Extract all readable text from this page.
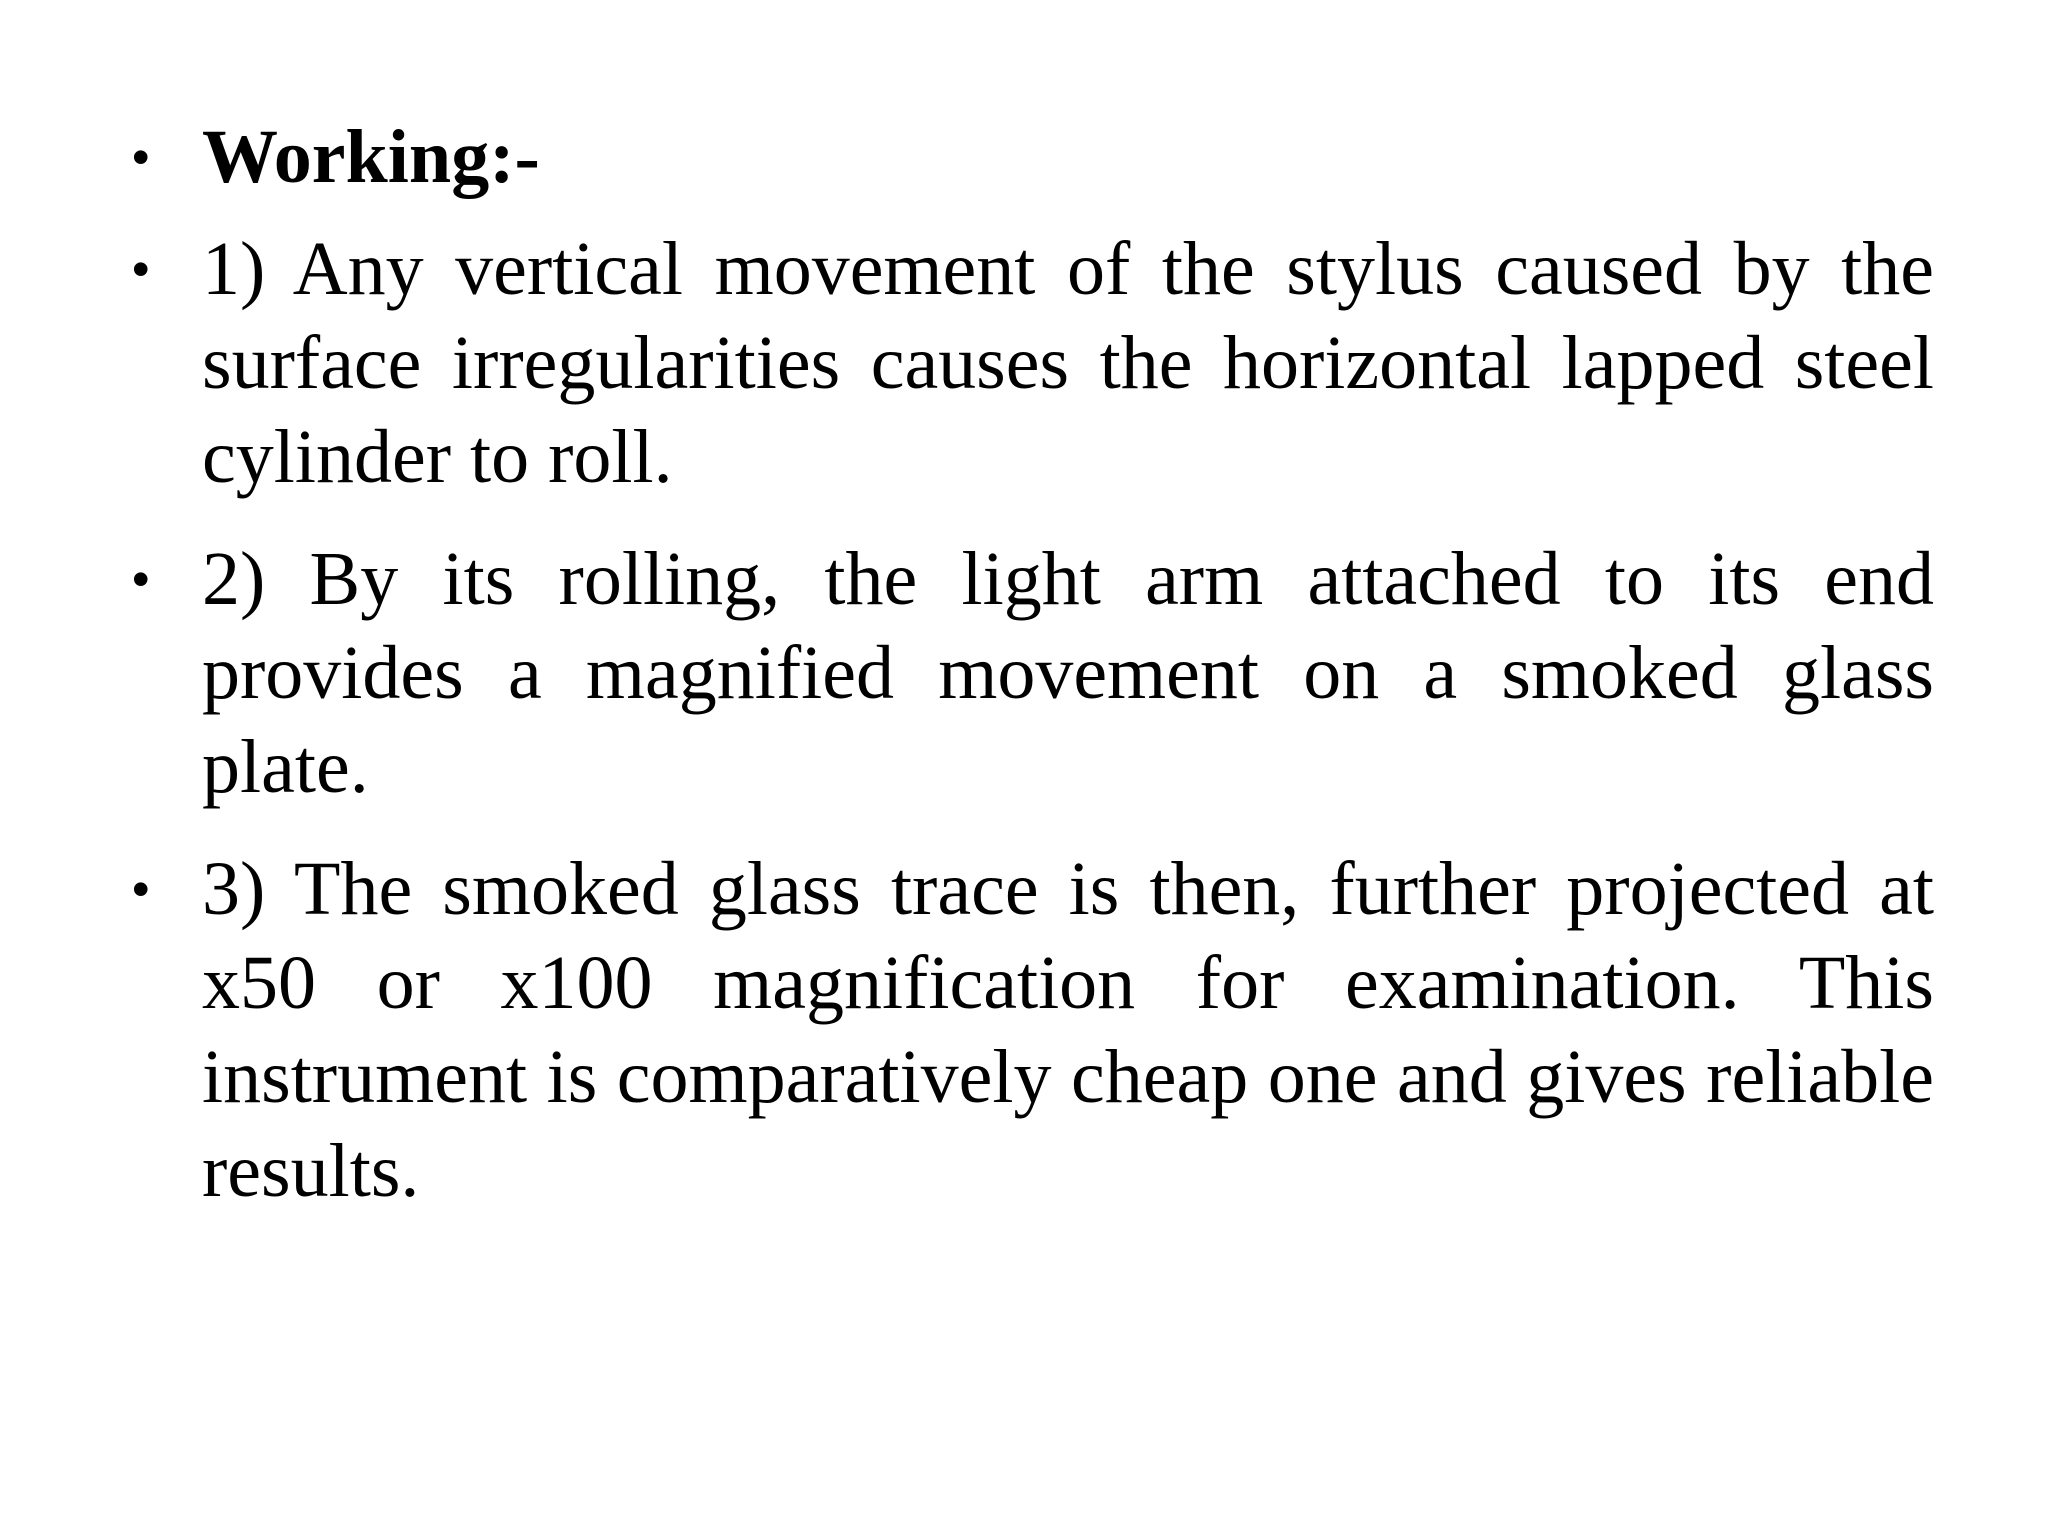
• Working:-
• 1) Any vertical movement of the stylus caused by the surface irregularities causes the horizontal lapped steel cylinder to roll.
• 2) By its rolling, the light arm attached to its end provides a magnified movement on a smoked glass plate.
• 3) The smoked glass trace is then, further projected at x50 or x100 magnification for examination. This instrument is comparatively cheap one and gives reliable results.
